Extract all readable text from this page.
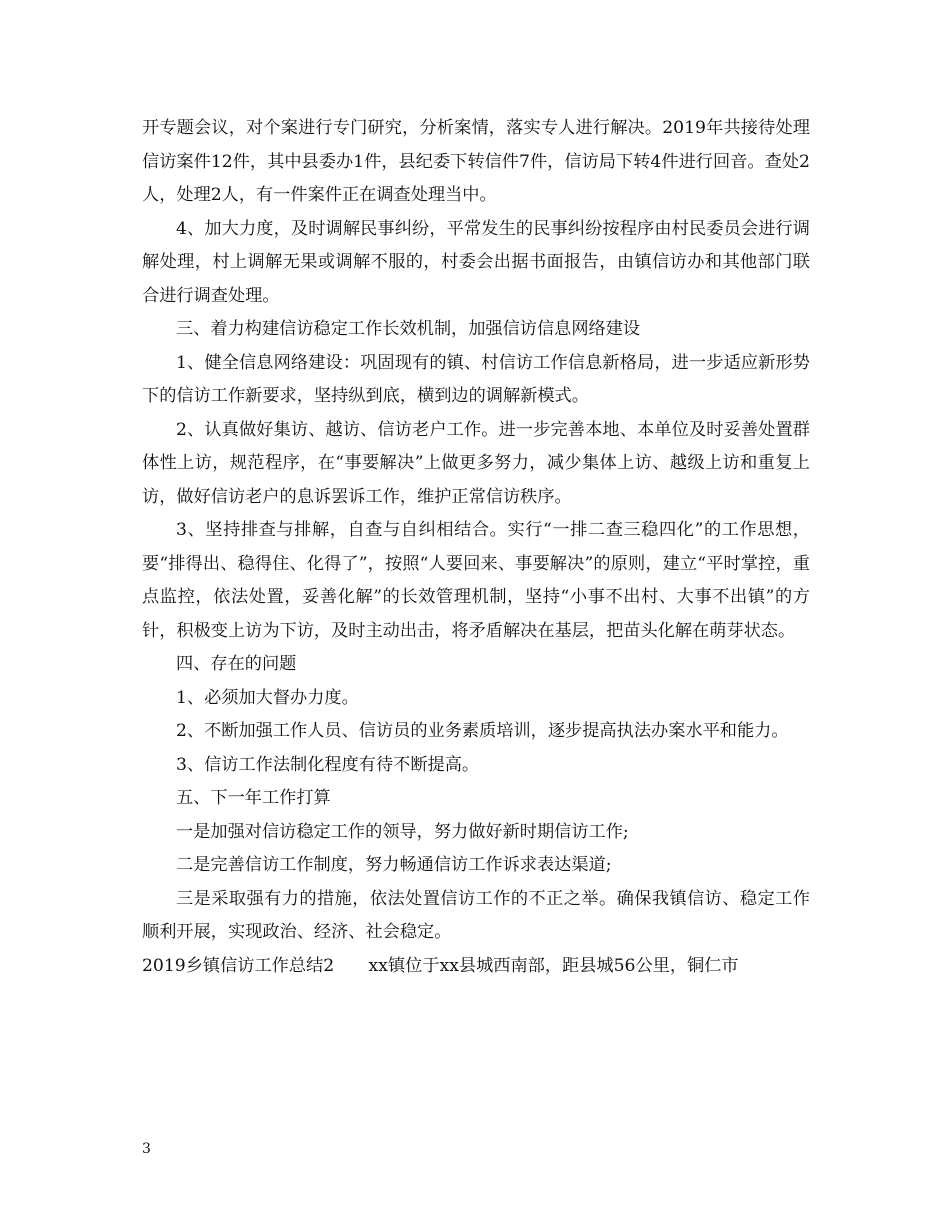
开专题会议，对个案进行专门研究，分析案情，落实专人进行解决。2019年共接待处理信访案件12件，其中县委办1件，县纪委下转信件7件，信访局下转4件进行回音。查处2人，处理2人，有一件案件正在调查处理当中。

4、加大力度，及时调解民事纠纷，平常发生的民事纠纷按程序由村民委员会进行调解处理，村上调解无果或调解不服的，村委会出据书面报告，由镇信访办和其他部门联合进行调查处理。

三、着力构建信访稳定工作长效机制，加强信访信息网络建设

1、健全信息网络建设：巩固现有的镇、村信访工作信息新格局，进一步适应新形势下的信访工作新要求，坚持纵到底，横到边的调解新模式。

2、认真做好集访、越访、信访老户工作。进一步完善本地、本单位及时妥善处置群体性上访，规范程序，在“事要解决”上做更多努力，减少集体上访、越级上访和重复上访，做好信访老户的息诉罢诉工作，维护正常信访秩序。

3、坚持排查与排解，自查与自纠相结合。实行“一排二查三稳四化”的工作思想，要“排得出、稳得住、化得了”，按照“人要回来、事要解决”的原则，建立“平时掌控，重点监控，依法处置，妥善化解”的长效管理机制，坚持“小事不出村、大事不出镇”的方针，积极变上访为下访，及时主动出击，将矛盾解决在基层，把苗头化解在萌芽状态。

四、存在的问题

1、必须加大督办力度。

2、不断加强工作人员、信访员的业务素质培训，逐步提高执法办案水平和能力。

3、信访工作法制化程度有待不断提高。

五、下一年工作打算

一是加强对信访稳定工作的领导，努力做好新时期信访工作;

二是完善信访工作制度，努力畅通信访工作诉求表达渠道;

三是采取强有力的措施，依法处置信访工作的不正之举。确保我镇信访、稳定工作顺利开展，实现政治、经济、社会稳定。

2019乡镇信访工作总结2　　xx镇位于xx县城西南部，距县城56公里，铜仁市

3
